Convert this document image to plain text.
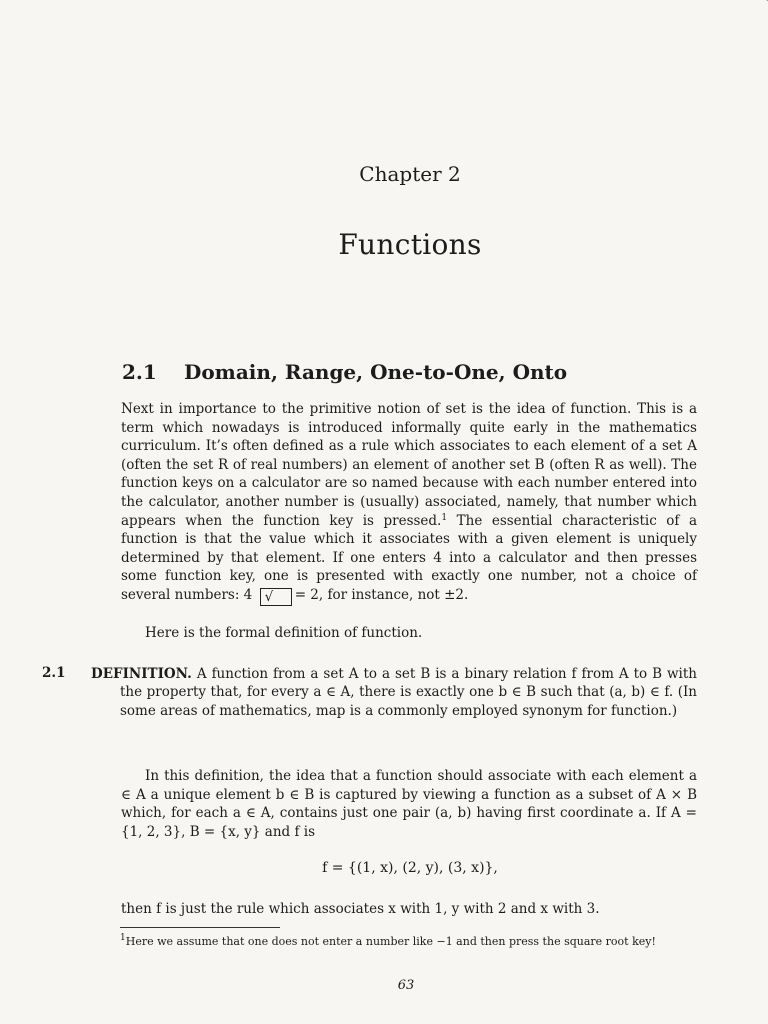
Chapter 2
Functions
2.1 Domain, Range, One-to-One, Onto

Next in importance to the primitive notion of set is the idea of function. This is a term which nowadays is introduced informally quite early in the mathematics curriculum. It’s often defined as a rule which associates to each element of a set A (often the set R of real numbers) an element of another set B (often R as well). The function keys on a calculator are so named because with each number entered into the calculator, another number is (usually) associated, namely, that number which appears when the function key is pressed.$^1$ The essential characteristic of a function is that the value which it associates with a given element is uniquely determined by that element. If one enters 4 into a calculator and then presses some function key, one is presented with exactly one number, not a choice of several numbers: 4 √  = 2, for instance, not ±2.

Here is the formal definition of function.

2.1 DEFINITION. A function from a set A to a set B is a binary relation f from A to B with the property that, for every a ∈ A, there is exactly one b ∈ B such that (a, b) ∈ f. (In some areas of mathematics, map is a commonly employed synonym for function.)

In this definition, the idea that a function should associate with each element a ∈ A a unique element b ∈ B is captured by viewing a function as a subset of A × B which, for each a ∈ A, contains just one pair (a, b) having first coordinate a. If A = {1, 2, 3}, B = {x, y} and f is

f = {(1, x), (2, y), (3, x)},

then f is just the rule which associates x with 1, y with 2 and x with 3.

$^1$Here we assume that one does not enter a number like −1 and then press the square root key!

63
